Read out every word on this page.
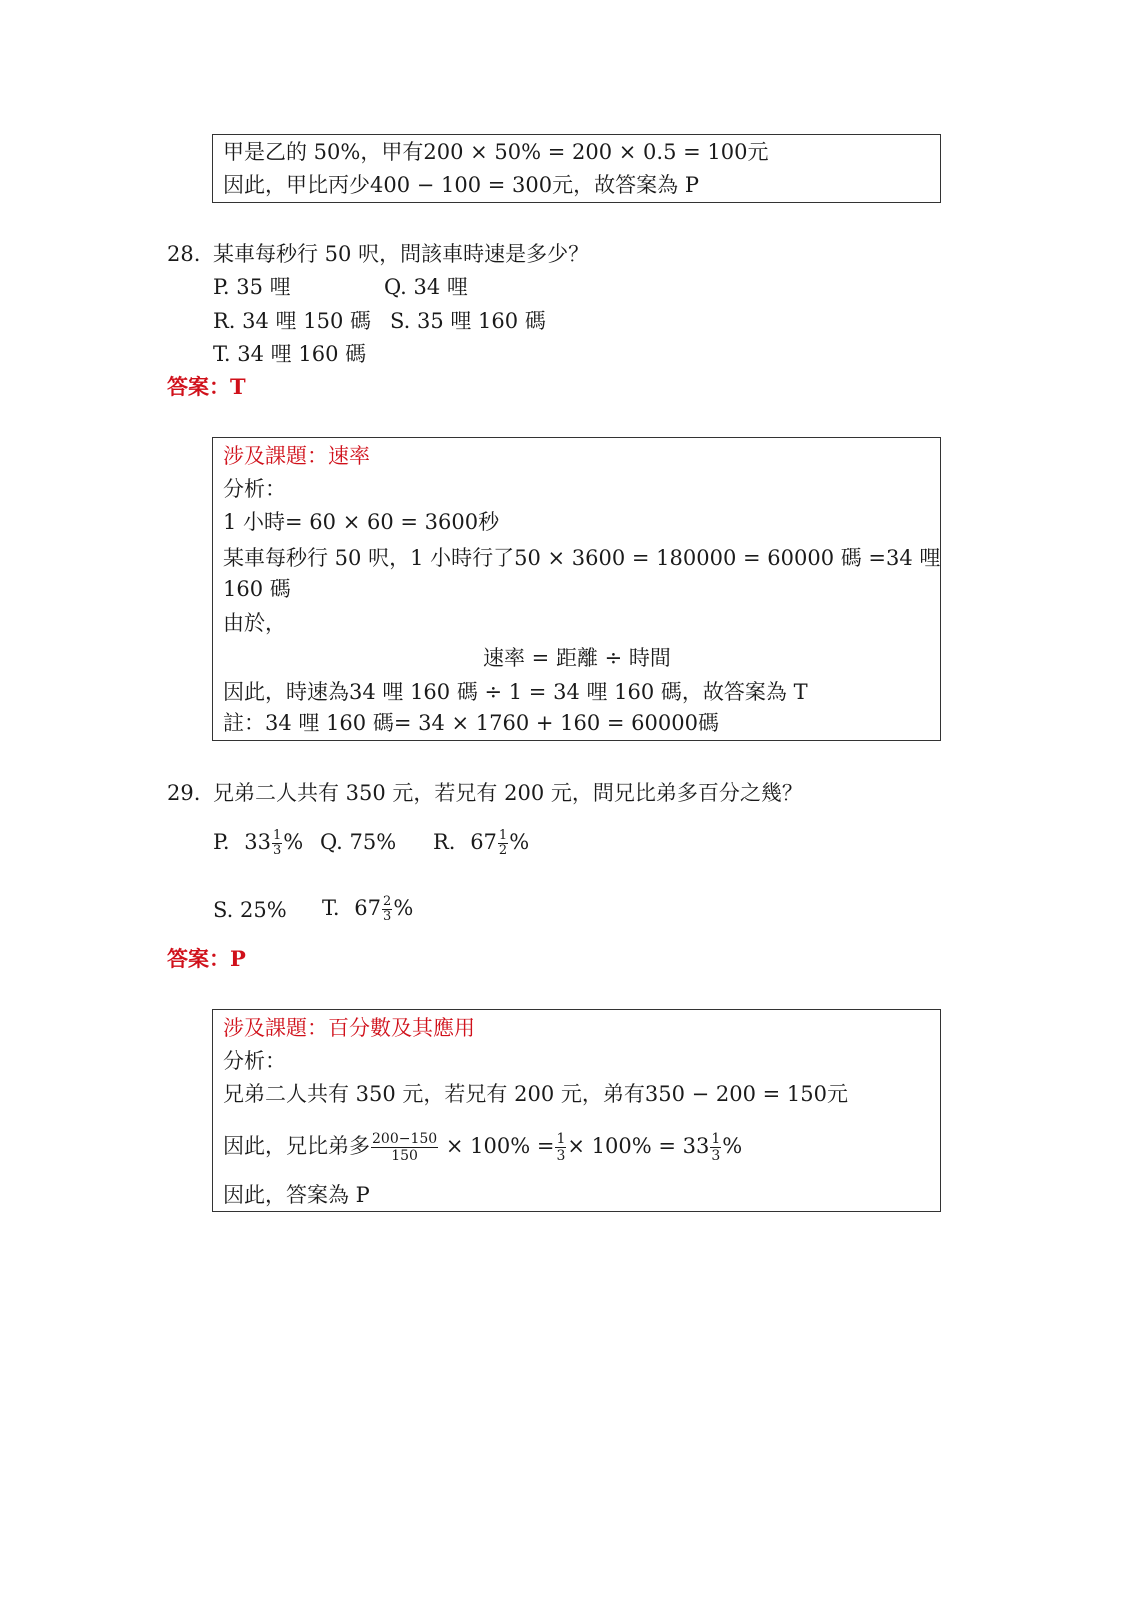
甲是乙的 50%，甲有200 × 50% = 200 × 0.5 = 100元
因此，甲比丙少400 − 100 = 300元，故答案為 P
28. 某車每秒行 50 呎，問該車時速是多少？
P. 35 哩	Q. 34 哩
R. 34 哩 150 碼 S. 35 哩 160 碼
T. 34 哩 160 碼
答案：T
涉及課題：速率
分析：
1 小時= 60 × 60 = 3600秒
某車每秒行 50 呎，1 小時行了50 × 3600 = 180000 = 60000 碼 =34 哩
160 碼
由於，
速率 = 距離 ÷ 時間
因此，時速為34 哩 160 碼 ÷ 1 = 34 哩 160 碼，故答案為 T
註：34 哩 160 碼= 34 × 1760 + 160 = 60000碼
29. 兄弟二人共有 350 元，若兄有 200 元，問兄比弟多百分之幾？
P. $33 \frac{1}{3}$ % Q. 75% R. $67 \frac{1}{2}$ %
S. 25% T. $67 \frac{2}{3}$ %
答案：P
涉及課題：百分數及其應用
分析：
兄弟二人共有 350 元，若兄有 200 元，弟有350 − 200 = 150元
因此，兄比弟多 $\frac{200-150}{150} \times 100\% = \frac{1}{3} \times 100\% = 33 \frac{1}{3}$ %
因此，答案為 P
